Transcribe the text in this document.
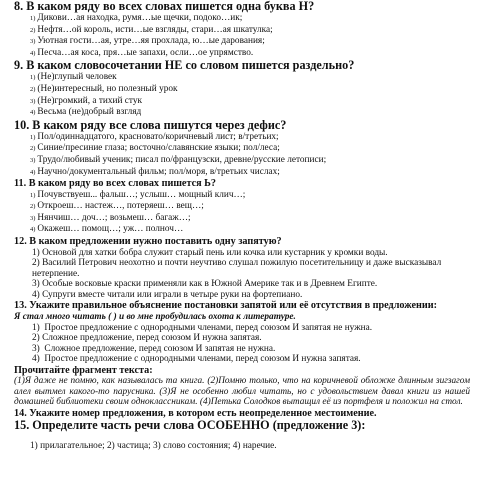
8. В каком ряду во всех словах пишется одна буква Н?

1) Дикови…ая находка, румя…ые щечки, подоко…ик;

2) Нефтя…ой король, исти…ые взгляды, стари…ая шкатулка;

3) Уютная гости…ая, утре…яя прохлада, ю…ые дарования;

4) Песча…ая коса, пря…ые запахи, осли…ое упрямство.

9. В каком словосочетании НЕ со словом пишется раздельно?

1) (Не)глупый человек

2) (Не)интересный, но полезный урок

3) (Не)громкий, а тихий стук

4) Весьма (не)добрый взгляд

10. В каком ряду все слова пишутся через дефис?

1) Пол/одиннадцатого, красновато/коричневый лист; в/третьих;

2) Синие/пресиние глаза; восточно/славянские языки; пол/леса;

3) Трудо/любивый ученик; писал по/французски, древне/русские летописи;

4) Научно/документальный фильм; пол/моря, в/третьих числах;

11. В каком ряду во всех словах пишется Ь?

1) Почувствуеш... фальш…; услыш… мощный клич…;

2) Откроеш… настеж…, потеряеш… вещ…;

3) Нянчиш… доч…; возьмеш… багаж…;

4) Окажеш… помощ…; уж… полноч…

12. В каком предложении нужно поставить одну запятую?

1) Основой для хатки бобра служит старый пень или кочка или кустарник у кромки воды.

2) Василий Петрович неохотно и почти неучтиво слушал пожилую посетительницу и даже высказывал нетерпение.

3) Особые восковые краски применяли как в Южной Америке так и в Древнем Египте.

4) Супруги вместе читали или играли в четыре руки на фортепиано.

13. Укажите правильное объяснение постановки запятой или её отсутствия в предложении:

Я стал много читать ( ) и во мне пробудилась охота к литературе.

1) Простое предложение с однородными членами, перед союзом И запятая не нужна.

2) Сложное предложение, перед союзом И нужна запятая.

3) Сложное предложение, перед союзом И запятая не нужна.

4) Простое предложение с однородными членами, перед союзом И нужна запятая.

Прочитайте фрагмент текста:

(1)Я даже не помню, как называлась та книга. (2)Помню только, что на коричневой обложке длинным зигзагом алел вытмел какого-то парусника. (3)Я не особенно любил читать, но с удовольствием давал книги из нашей домашней библиотеки своим одноклассникам. (4)Петька Солодков вытащил её из портфеля и положил на стол.

14. Укажите номер предложения, в котором есть неопределенное местоимение.

15. Определите часть речи слова ОСОБЕННО (предложение 3):

1) прилагательное; 2) частица; 3) слово состояния; 4) наречие.
